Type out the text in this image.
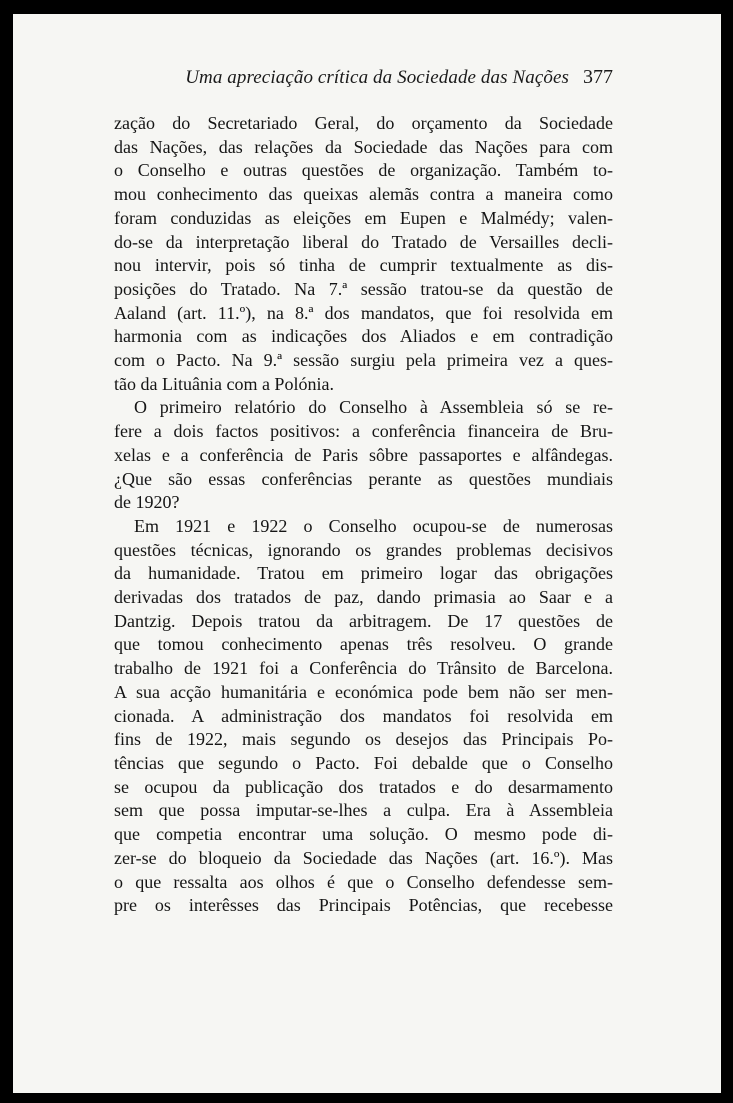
Uma apreciação crítica da Sociedade das Nações 377

zação do Secretariado Geral, do orçamento da Sociedade
das Nações, das relações da Sociedade das Nações para com
o Conselho e outras questões de organização. Também to-
mou conhecimento das queixas alemãs contra a maneira como
foram conduzidas as eleições em Eupen e Malmédy; valen-
do-se da interpretação liberal do Tratado de Versailles decli-
nou intervir, pois só tinha de cumprir textualmente as dis-
posições do Tratado. Na 7.ª sessão tratou-se da questão de
Aaland (art. 11.º), na 8.ª dos mandatos, que foi resolvida em
harmonia com as indicações dos Aliados e em contradição
com o Pacto. Na 9.ª sessão surgiu pela primeira vez a ques-
tão da Lituânia com a Polónia.

O primeiro relatório do Conselho à Assembleia só se re-
fere a dois factos positivos: a conferência financeira de Bru-
xelas e a conferência de Paris sôbre passaportes e alfândegas.
¿Que são essas conferências perante as questões mundiais
de 1920?

Em 1921 e 1922 o Conselho ocupou-se de numerosas
questões técnicas, ignorando os grandes problemas decisivos
da humanidade. Tratou em primeiro logar das obrigações
derivadas dos tratados de paz, dando primasia ao Saar e a
Dantzig. Depois tratou da arbitragem. De 17 questões de
que tomou conhecimento apenas três resolveu. O grande
trabalho de 1921 foi a Conferência do Trânsito de Barcelona.
A sua acção humanitária e económica pode bem não ser men-
cionada. A administração dos mandatos foi resolvida em
fins de 1922, mais segundo os desejos das Principais Po-
tências que segundo o Pacto. Foi debalde que o Conselho
se ocupou da publicação dos tratados e do desarmamento
sem que possa imputar-se-lhes a culpa. Era à Assembleia
que competia encontrar uma solução. O mesmo pode di-
zer-se do bloqueio da Sociedade das Nações (art. 16.º). Mas
o que ressalta aos olhos é que o Conselho defendesse sem-
pre os interêsses das Principais Potências, que recebesse
